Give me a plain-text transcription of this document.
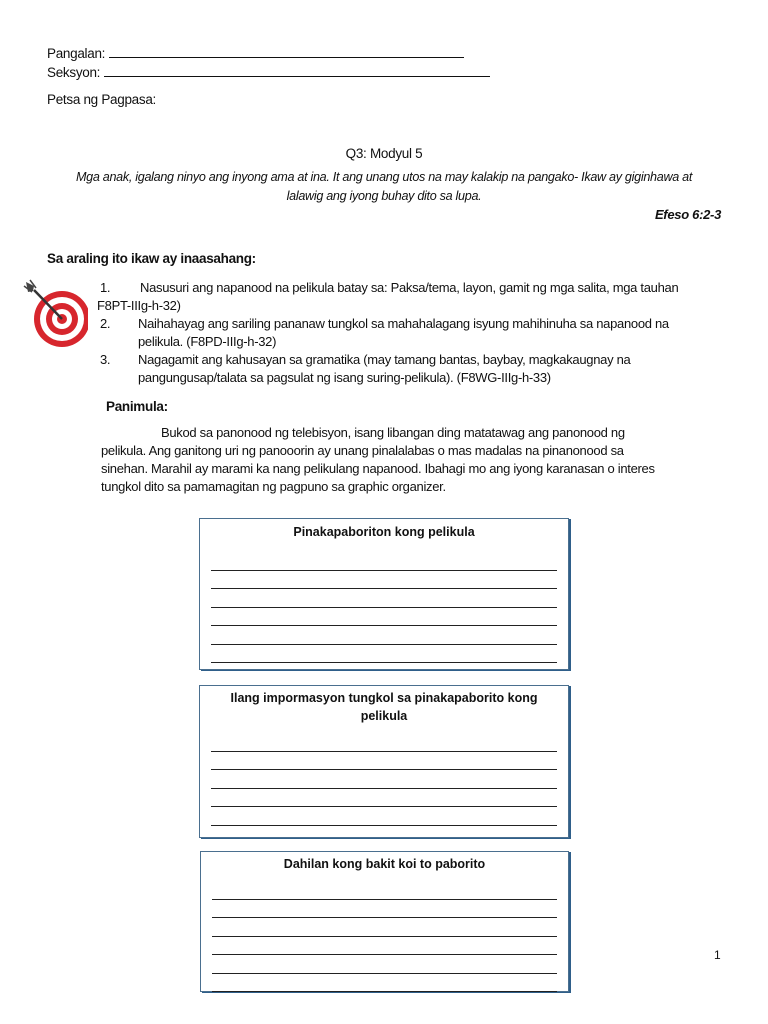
Pangalan:
Seksyon:
Petsa ng Pagpasa:
Q3: Modyul 5
Mga anak, igalang ninyo ang inyong ama at ina. It ang unang utos na may kalakip na pangako- Ikaw ay giginhawa at
lalawig ang iyong buhay dito sa lupa.
Efeso 6:2-3
Sa araling ito ikaw ay inaasahang:
1.	Nasusuri ang napanood na pelikula batay sa: Paksa/tema, layon, gamit ng mga salita, mga tauhan
F8PT-IIIg-h-32)
2.	Naihahayag ang sariling pananaw tungkol sa mahahalagang isyung mahihinuha sa napanood na
pelikula. (F8PD-IIIg-h-32)
3.	Nagagamit ang kahusayan sa gramatika (may tamang bantas, baybay, magkakaugnay na
pangungusap/talata sa pagsulat ng isang suring-pelikula). (F8WG-IIIg-h-33)
Panimula:
Bukod sa panonood ng telebisyon, isang libangan ding matatawag ang panonood ng
pelikula. Ang ganitong uri ng panooorin ay unang pinalalabas o mas madalas na pinanonood sa
sinehan. Marahil ay marami ka nang pelikulang napanood. Ibahagi mo ang iyong karanasan o interes
tungkol dito sa pamamagitan ng pagpuno sa graphic organizer.
Pinakapaboriton kong pelikula
Ilang impormasyon tungkol sa pinakapaborito kong
pelikula
Dahilan kong bakit koi to paborito
1
